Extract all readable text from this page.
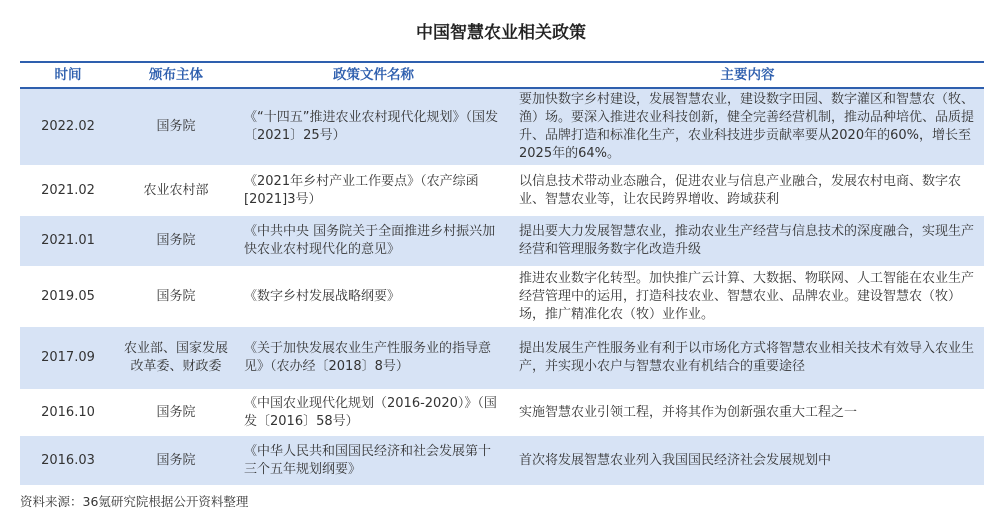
中国智慧农业相关政策
时间	颁布主体	政策文件名称	主要内容
2022.02	国务院	《“十四五”推进农业农村现代化规划》（国发〔2021〕25号）	要加快数字乡村建设，发展智慧农业，建设数字田园、数字灌区和智慧农（牧、渔）场。要深入推进农业科技创新，健全完善经营机制，推动品种培优、品质提升、品牌打造和标准化生产，农业科技进步贡献率要从2020年的60%，增长至2025年的64%。
2021.02	农业农村部	《2021年乡村产业工作要点》（农产综函[2021]3号）	以信息技术带动业态融合，促进农业与信息产业融合，发展农村电商、数字农业、智慧农业等，让农民跨界增收、跨域获利
2021.01	国务院	《中共中央 国务院关于全面推进乡村振兴加快农业农村现代化的意见》	提出要大力发展智慧农业，推动农业生产经营与信息技术的深度融合，实现生产经营和管理服务数字化改造升级
2019.05	国务院	《数字乡村发展战略纲要》	推进农业数字化转型。加快推广云计算、大数据、物联网、人工智能在农业生产经营管理中的运用，打造科技农业、智慧农业、品牌农业。建设智慧农（牧）场，推广精准化农（牧）业作业。
2017.09	农业部、国家发展改革委、财政委	《关于加快发展农业生产性服务业的指导意见》（农办经〔2018〕8号）	提出发展生产性服务业有利于以市场化方式将智慧农业相关技术有效导入农业生产，并实现小农户与智慧农业有机结合的重要途径
2016.10	国务院	《中国农业现代化规划（2016-2020）》（国发〔2016〕58号）	实施智慧农业引领工程，并将其作为创新强农重大工程之一
2016.03	国务院	《中华人民共和国国民经济和社会发展第十三个五年规划纲要》	首次将发展智慧农业列入我国国民经济社会发展规划中
资料来源：36氪研究院根据公开资料整理
